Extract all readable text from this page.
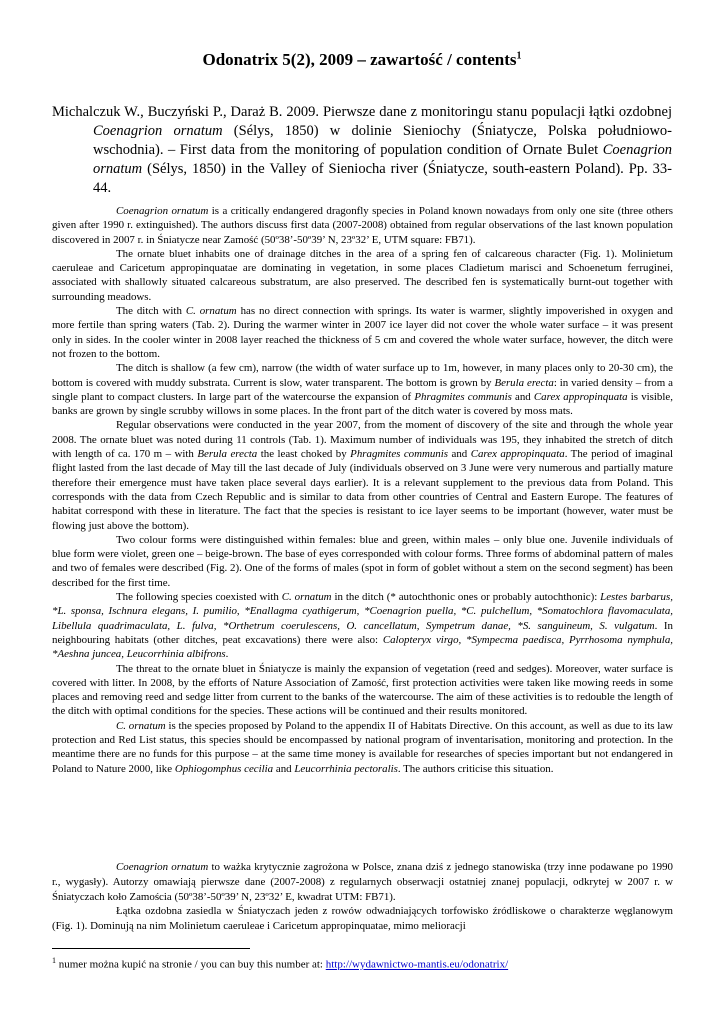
Odonatrix 5(2), 2009 – zawartość / contents$^1$
Michalczuk W., Buczyński P., Daraż B. 2009. Pierwsze dane z monitoringu stanu populacji łątki ozdobnej Coenagrion ornatum (Sélys, 1850) w dolinie Sieniochy (Śniatycze, Polska południowo-wschodnia). – First data from the monitoring of population condition of Ornate Bulet Coenagrion ornatum (Sélys, 1850) in the Valley of Sieniocha river (Śniatycze, south-eastern Poland). Pp. 33-44.

Coenagrion ornatum is a critically endangered dragonfly species in Poland known nowadays from only one site (three others given after 1990 r. extinguished). The authors discuss first data (2007-2008) obtained from regular observations of the last known population discovered in 2007 r. in Śniatycze near Zamość (50º38’-50º39’ N, 23º32’ E, UTM square: FB71).

The ornate bluet inhabits one of drainage ditches in the area of a spring fen of calcareous character (Fig. 1). Molinietum caeruleae and Caricetum appropinquatae are dominating in vegetation, in some places Cladietum marisci and Schoenetum ferruginei, associated with shallowly situated calcareous substratum, are also preserved. The described fen is systematically burnt-out together with surrounding meadows.

The ditch with C. ornatum has no direct connection with springs. Its water is warmer, slightly impoverished in oxygen and more fertile than spring waters (Tab. 2). During the warmer winter in 2007 ice layer did not cover the whole water surface – it was present only in sides. In the cooler winter in 2008 layer reached the thickness of 5 cm and covered the whole water surface, however, the ditch were not frozen to the bottom.

The ditch is shallow (a few cm), narrow (the width of water surface up to 1m, however, in many places only to 20-30 cm), the bottom is covered with muddy substrata. Current is slow, water transparent. The bottom is grown by Berula erecta: in varied density – from a single plant to compact clusters. In large part of the watercourse the expansion of Phragmites communis and Carex appropinquata is visible, banks are grown by single scrubby willows in some places. In the front part of the ditch water is covered by moss mats.

Regular observations were conducted in the year 2007, from the moment of discovery of the site and through the whole year 2008. The ornate bluet was noted during 11 controls (Tab. 1). Maximum number of individuals was 195, they inhabited the stretch of ditch with length of ca. 170 m – with Berula erecta the least choked by Phragmites communis and Carex appropinquata. The period of imaginal flight lasted from the last decade of May till the last decade of July (individuals observed on 3 June were very numerous and partially mature therefore their emergence must have taken place several days earlier). It is a relevant supplement to the previous data from Poland. This corresponds with the data from Czech Republic and is similar to data from other countries of Central and Eastern Europe. The features of habitat correspond with these in literature. The fact that the species is resistant to ice layer seems to be important (however, water must be flowing just above the bottom).

Two colour forms were distinguished within females: blue and green, within males – only blue one. Juvenile individuals of blue form were violet, green one – beige-brown. The base of eyes corresponded with colour forms. Three forms of abdominal pattern of males and two of females were described (Fig. 2). One of the forms of males (spot in form of goblet without a stem on the second segment) has been described for the first time.

The following species coexisted with C. ornatum in the ditch (* autochthonic ones or probably autochthonic): Lestes barbarus, *L. sponsa, Ischnura elegans, I. pumilio, *Enallagma cyathigerum, *Coenagrion puella, *C. pulchellum, *Somatochlora flavomaculata, Libellula quadrimaculata, L. fulva, *Orthetrum coerulescens, O. cancellatum, Sympetrum danae, *S. sanguineum, S. vulgatum. In neighbouring habitats (other ditches, peat excavations) there were also: Calopteryx virgo, *Sympecma paedisca, Pyrrhosoma nymphula, *Aeshna juncea, Leucorrhinia albifrons.

The threat to the ornate bluet in Śniatycze is mainly the expansion of vegetation (reed and sedges). Moreover, water surface is covered with litter. In 2008, by the efforts of Nature Association of Zamość, first protection activities were taken like mowing reeds in some places and removing reed and sedge litter from current to the banks of the watercourse. The aim of these activities is to redouble the length of the ditch with optimal conditions for the species. These actions will be continued and their results monitored.

C. ornatum is the species proposed by Poland to the appendix II of Habitats Directive. On this account, as well as due to its law protection and Red List status, this species should be encompassed by national program of inventarisation, monitoring and protection. In the meantime there are no funds for this purpose – at the same time money is available for researches of species important but not endangered in Poland to Nature 2000, like Ophiogomphus cecilia and Leucorrhinia pectoralis. The authors criticise this situation.

Coenagrion ornatum to ważka krytycznie zagrożona w Polsce, znana dziś z jednego stanowiska (trzy inne podawane po 1990 r., wygasły). Autorzy omawiają pierwsze dane (2007-2008) z regularnych obserwacji ostatniej znanej populacji, odkrytej w 2007 r. w Śniatyczach koło Zamościa (50º38’-50º39’ N, 23º32’ E, kwadrat UTM: FB71).

Łątka ozdobna zasiedla w Śniatyczach jeden z rowów odwadniających torfowisko źródliskowe o charakterze węglanowym (Fig. 1). Dominują na nim Molinietum caeruleae i Caricetum appropinquatae, mimo melioracji

$^1$ numer można kupić na stronie / you can buy this number at: http://wydawnictwo-mantis.eu/odonatrix/
